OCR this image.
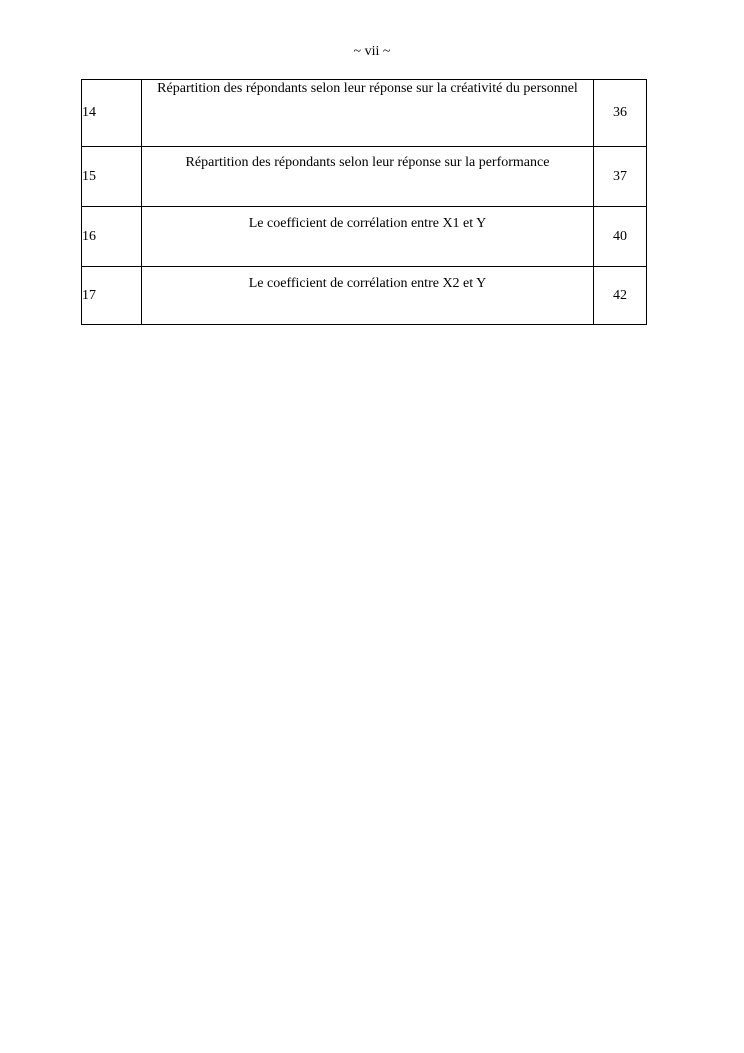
~ vii ~
14	Répartition des répondants selon leur réponse sur la créativité du personnel	36
15	Répartition des répondants selon leur réponse sur la performance	37
16	Le coefficient de corrélation entre X1 et Y	40
17	Le coefficient de corrélation entre X2 et Y	42
